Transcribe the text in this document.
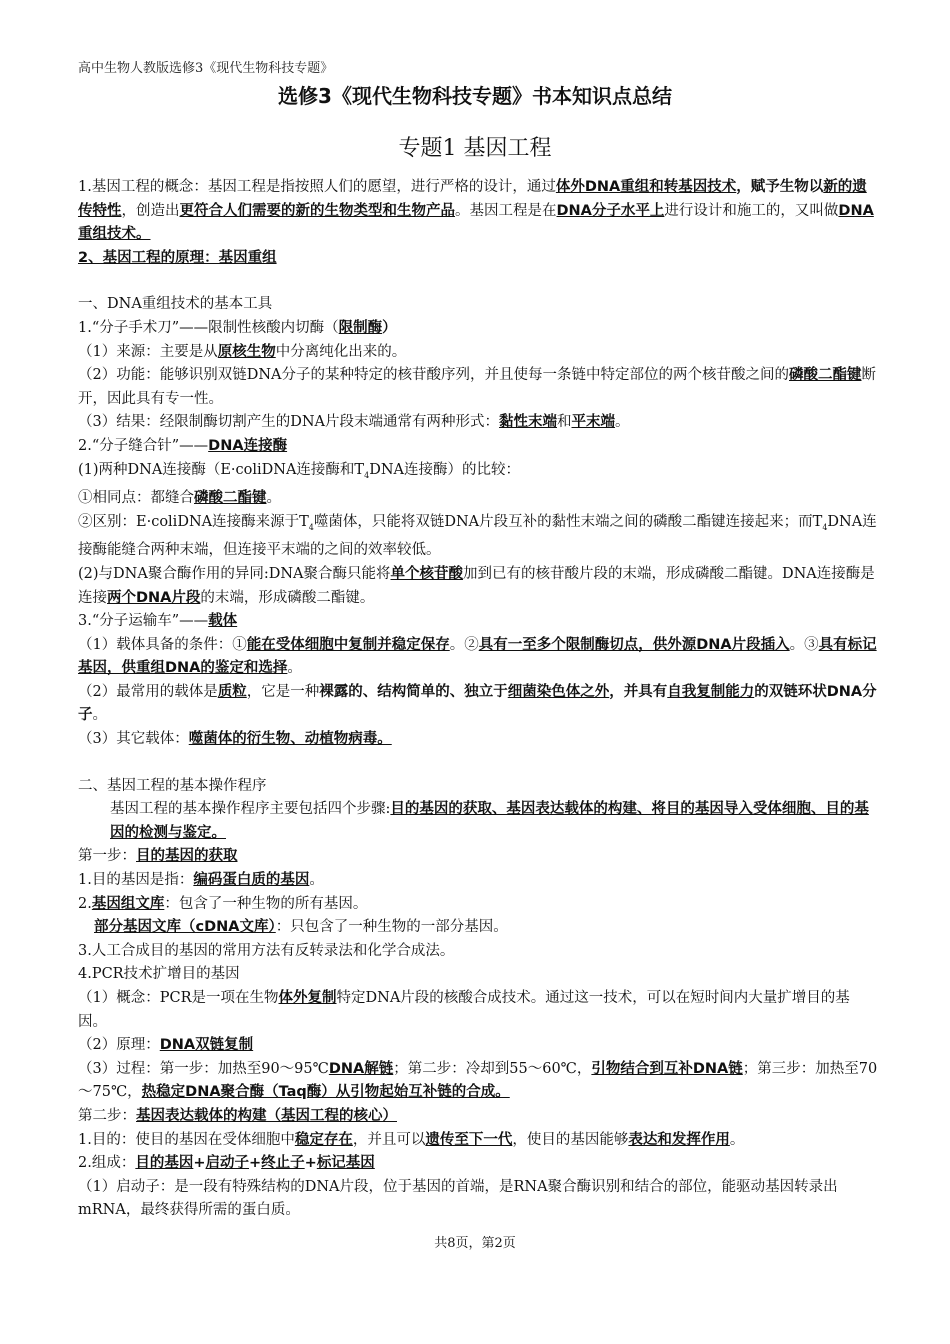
高中生物人教版选修3《现代生物科技专题》
选修3《现代生物科技专题》书本知识点总结
专题1 基因工程

1.基因工程的概念：基因工程是指按照人们的愿望，进行严格的设计，通过体外DNA重组和转基因技术，赋予生物以新的遗传特性，创造出更符合人们需要的新的生物类型和生物产品。基因工程是在DNA分子水平上进行设计和施工的，又叫做DNA重组技术。

2、基因工程的原理：基因重组

一、DNA重组技术的基本工具

1.“分子手术刀”——限制性核酸内切酶（限制酶）

（1）来源：主要是从原核生物中分离纯化出来的。

（2）功能：能够识别双链DNA分子的某种特定的核苷酸序列，并且使每一条链中特定部位的两个核苷酸之间的磷酸二酯键断开，因此具有专一性。

（3）结果：经限制酶切割产生的DNA片段末端通常有两种形式：黏性末端和平末端。

2.“分子缝合针”——DNA连接酶

(1)两种DNA连接酶（E·coliDNA连接酶和$T_4DNA$连接酶）的比较：

①相同点：都缝合磷酸二酯键。

②区别：E·coliDNA连接酶来源于$T_4$噬菌体，只能将双链DNA片段互补的黏性末端之间的磷酸二酯键连接起来；而$T_4DNA$连接酶能缝合两种末端，但连接平末端的之间的效率较低。

(2)与DNA聚合酶作用的异同:DNA聚合酶只能将单个核苷酸加到已有的核苷酸片段的末端，形成磷酸二酯键。DNA连接酶是连接两个DNA片段的末端，形成磷酸二酯键。

3.“分子运输车”——载体

（1）载体具备的条件：①能在受体细胞中复制并稳定保存。②具有一至多个限制酶切点，供外源DNA片段插入。③具有标记基因，供重组DNA的鉴定和选择。

（2）最常用的载体是质粒，它是一种裸露的、结构简单的、独立于细菌染色体之外，并具有自我复制能力的双链环状DNA分子。

（3）其它载体：噬菌体的衍生物、动植物病毒。

二、基因工程的基本操作程序

基因工程的基本操作程序主要包括四个步骤:目的基因的获取、基因表达载体的构建、将目的基因导入受体细胞、目的基因的检测与鉴定。

第一步：目的基因的获取

1.目的基因是指：编码蛋白质的基因。

2.基因组文库：包含了一种生物的所有基因。

部分基因文库（cDNA文库）：只包含了一种生物的一部分基因。

3.人工合成目的基因的常用方法有反转录法和化学合成法。

4.PCR技术扩增目的基因

（1）概念：PCR是一项在生物体外复制特定DNA片段的核酸合成技术。通过这一技术，可以在短时间内大量扩增目的基因。

（2）原理：DNA双链复制

（3）过程：第一步：加热至90～95℃DNA解链；第二步：冷却到55～60℃，引物结合到互补DNA链；第三步：加热至70～75℃，热稳定DNA聚合酶（Taq酶）从引物起始互补链的合成。

第二步：基因表达载体的构建（基因工程的核心）

1.目的：使目的基因在受体细胞中稳定存在，并且可以遗传至下一代，使目的基因能够表达和发挥作用。

2.组成：目的基因+启动子+终止子+标记基因

（1）启动子：是一段有特殊结构的DNA片段，位于基因的首端，是RNA聚合酶识别和结合的部位，能驱动基因转录出mRNA，最终获得所需的蛋白质。

共8页，第2页
